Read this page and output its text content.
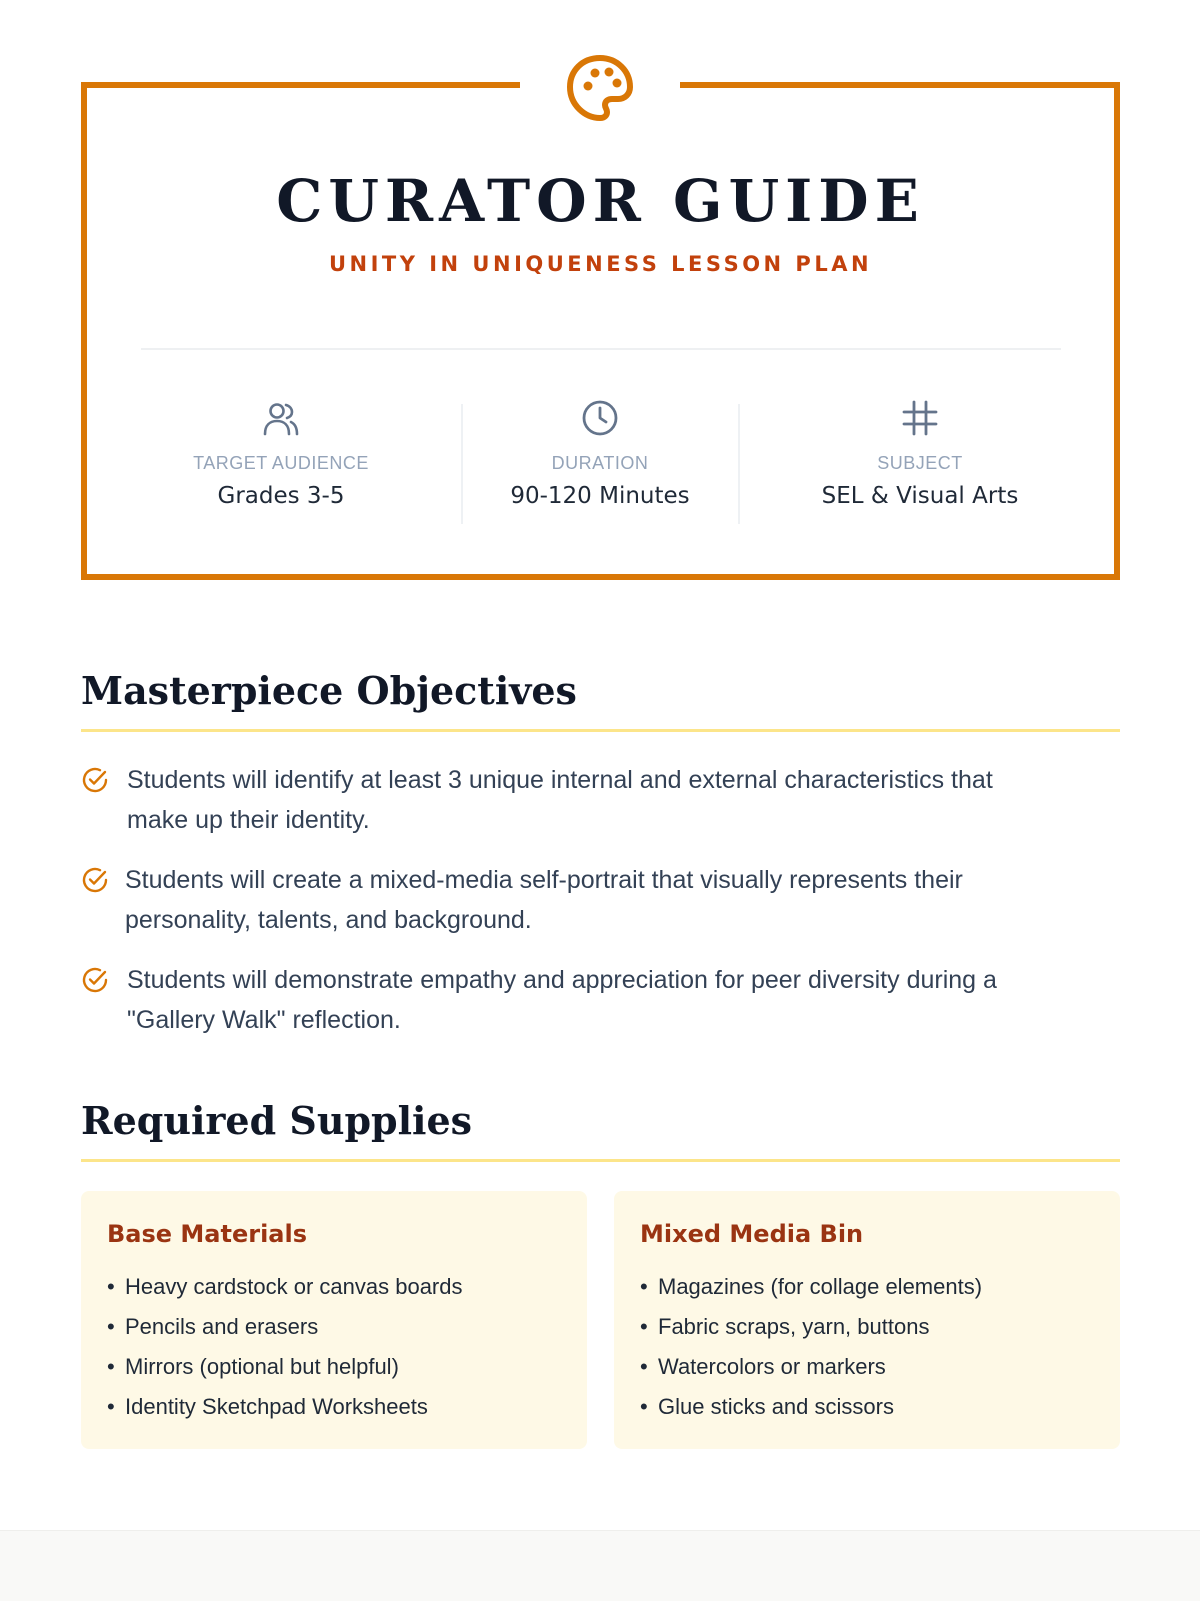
CURATOR GUIDE
UNITY IN UNIQUENESS LESSON PLAN
TARGET AUDIENCE
Grades 3-5
DURATION
90-120 Minutes
SUBJECT
SEL & Visual Arts
Masterpiece Objectives
Students will identify at least 3 unique internal and external characteristics that
make up their identity.
Students will create a mixed-media self-portrait that visually represents their
personality, talents, and background.
Students will demonstrate empathy and appreciation for peer diversity during a
"Gallery Walk" reflection.
Required Supplies
Base Materials
• Heavy cardstock or canvas boards
• Pencils and erasers
• Mirrors (optional but helpful)
• Identity Sketchpad Worksheets
Mixed Media Bin
• Magazines (for collage elements)
• Fabric scraps, yarn, buttons
• Watercolors or markers
• Glue sticks and scissors
